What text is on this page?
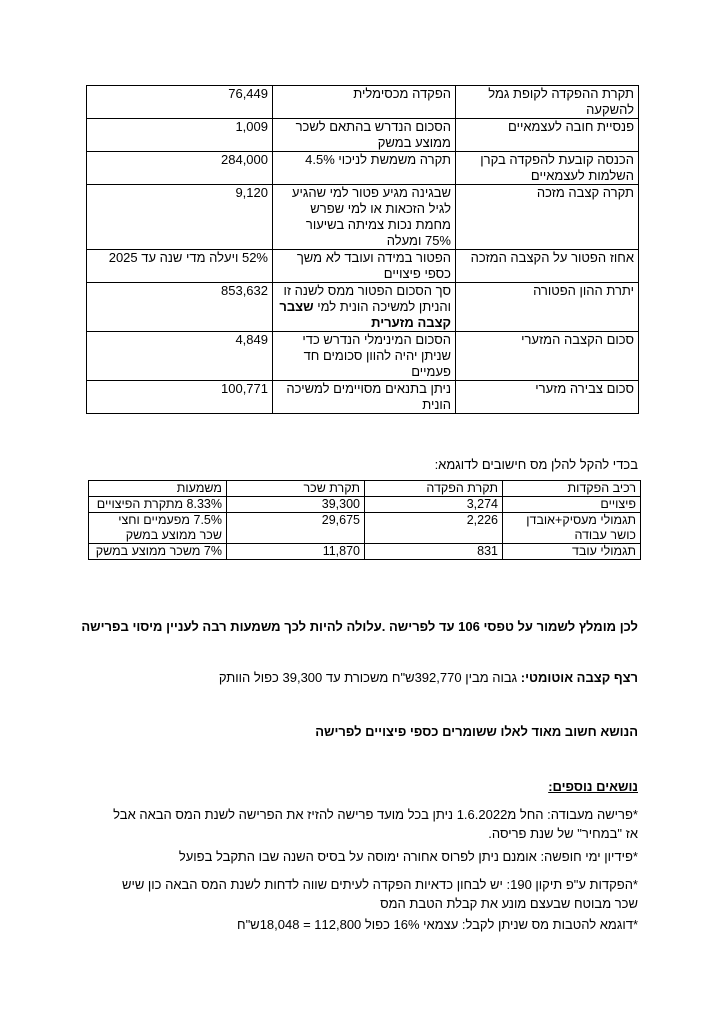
76,449	הפקדה מכסימלית	תקרת ההפקדה לקופת גמל להשקעה
1,009	הסכום הנדרש בהתאם לשכר ממוצע במשק	פנסיית חובה לעצמאיים
284,000	תקרה משמשת לניכוי 4.5%	הכנסה קובעת להפקדה בקרן השלמות לעצמאיים
9,120	שבגינה מגיע פטור למי שהגיע לגיל הזכאות או למי שפרש מחמת נכות צמיתה בשיעור 75% ומעלה	תקרה קצבה מזכה
52% ויעלה מדי שנה עד 2025	הפטור במידה ועובד לא משך כספי פיצויים	אחוז הפטור על הקצבה המזכה
853,632	סך הסכום הפטור ממס לשנה זו והניתן למשיכה הונית למי שצבר קצבה מזערית	יתרת ההון הפטורה
4,849	הסכום המינימלי הנדרש כדי שניתן יהיה להוון סכומים חד פעמיים	סכום הקצבה המזערי
100,771	ניתן בתנאים מסויימים למשיכה הונית	סכום צבירה מזערי
בכדי להקל להלן מס חישובים לדוגמא:
משמעות	תקרת שכר	תקרת הפקדה	רכיב הפקדות
8.33% מתקרת הפיצויים	39,300	3,274	פיצויים
7.5% מפעמיים וחצי שכר ממוצע במשק	29,675	2,226	תגמולי מעסיק+אובדן כושר עבודה
7% משכר ממוצע במשק	11,870	831	תגמולי עובד
לכן מומלץ לשמור על טפסי 106 עד לפרישה .עלולה להיות לכך משמעות רבה לעניין מיסוי בפרישה
רצף קצבה אוטומטי: גבוה מבין 392,770ש"ח משכורת עד 39,300 כפול הוותק
הנושא חשוב מאוד לאלו ששומרים כספי פיצויים לפרישה
נושאים נוספים:
*פרישה מעבודה: החל מ1.6.2022 ניתן בכל מועד פרישה להזיז את הפרישה לשנת המס הבאה אבל אז "במחיר" של שנת פריסה.
*פידיון ימי חופשה: אומנם ניתן לפרוס אחורה ימוסה על בסיס השנה שבו התקבל בפועל
*הפקדות ע"פ תיקון 190: יש לבחון כדאיות הפקדה לעיתים שווה לדחות לשנת המס הבאה כון שיש שכר מבוטח שבעצם מונע את קבלת הטבת המס
*דוגמא להטבות מס שניתן לקבל: עצמאי 16% כפול 112,800 = 18,048ש"ח
